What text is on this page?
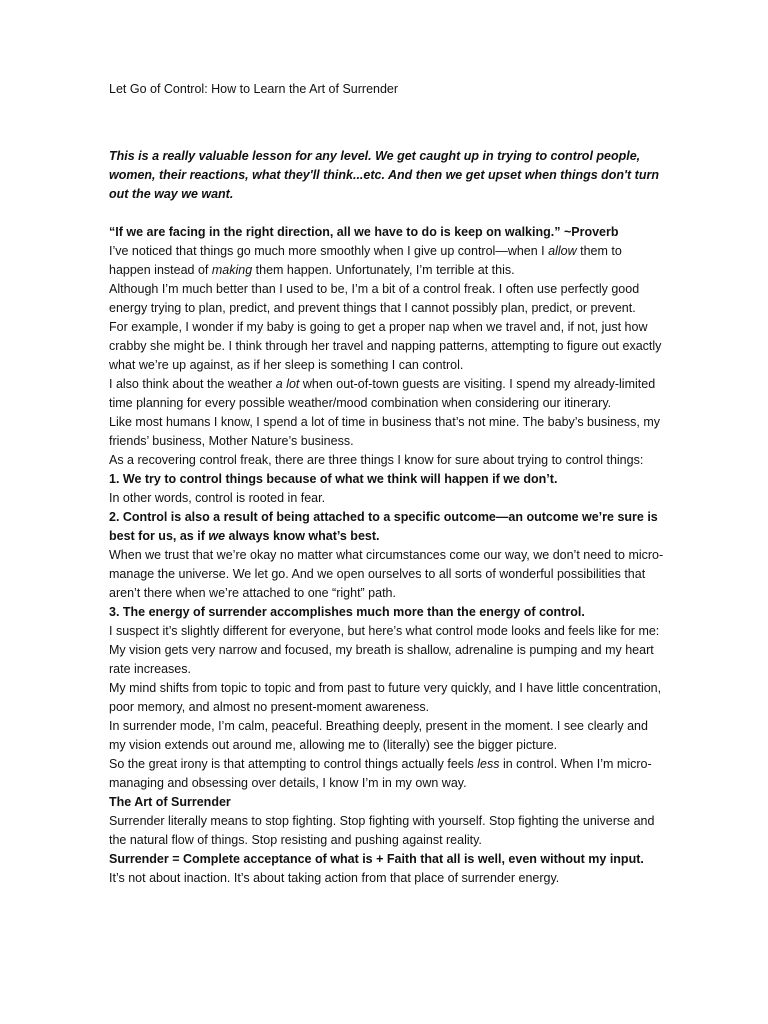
Let Go of Control: How to Learn the Art of Surrender

This is a really valuable lesson for any level. We get caught up in trying to control people, women, their reactions, what they'll think...etc. And then we get upset when things don't turn out the way we want.

“If we are facing in the right direction, all we have to do is keep on walking.” ~Proverb

I’ve noticed that things go much more smoothly when I give up control—when I allow them to happen instead of making them happen. Unfortunately, I’m terrible at this.

Although I’m much better than I used to be, I’m a bit of a control freak. I often use perfectly good energy trying to plan, predict, and prevent things that I cannot possibly plan, predict, or prevent.

For example, I wonder if my baby is going to get a proper nap when we travel and, if not, just how crabby she might be. I think through her travel and napping patterns, attempting to figure out exactly what we’re up against, as if her sleep is something I can control.

I also think about the weather a lot when out-of-town guests are visiting. I spend my already-limited time planning for every possible weather/mood combination when considering our itinerary.

Like most humans I know, I spend a lot of time in business that’s not mine. The baby’s business, my friends’ business, Mother Nature’s business.

As a recovering control freak, there are three things I know for sure about trying to control things:

1. We try to control things because of what we think will happen if we don’t.

In other words, control is rooted in fear.

2. Control is also a result of being attached to a specific outcome—an outcome we’re sure is best for us, as if we always know what’s best.

When we trust that we’re okay no matter what circumstances come our way, we don’t need to micro-manage the universe. We let go. And we open ourselves to all sorts of wonderful possibilities that aren’t there when we’re attached to one “right” path.

3. The energy of surrender accomplishes much more than the energy of control.

I suspect it’s slightly different for everyone, but here’s what control mode looks and feels like for me: My vision gets very narrow and focused, my breath is shallow, adrenaline is pumping and my heart rate increases.

My mind shifts from topic to topic and from past to future very quickly, and I have little concentration, poor memory, and almost no present-moment awareness.

In surrender mode, I’m calm, peaceful. Breathing deeply, present in the moment. I see clearly and my vision extends out around me, allowing me to (literally) see the bigger picture.

So the great irony is that attempting to control things actually feels less in control. When I’m micro-managing and obsessing over details, I know I’m in my own way.

The Art of Surrender

Surrender literally means to stop fighting. Stop fighting with yourself. Stop fighting the universe and the natural flow of things. Stop resisting and pushing against reality.

Surrender = Complete acceptance of what is + Faith that all is well, even without my input.

It’s not about inaction. It’s about taking action from that place of surrender energy.
